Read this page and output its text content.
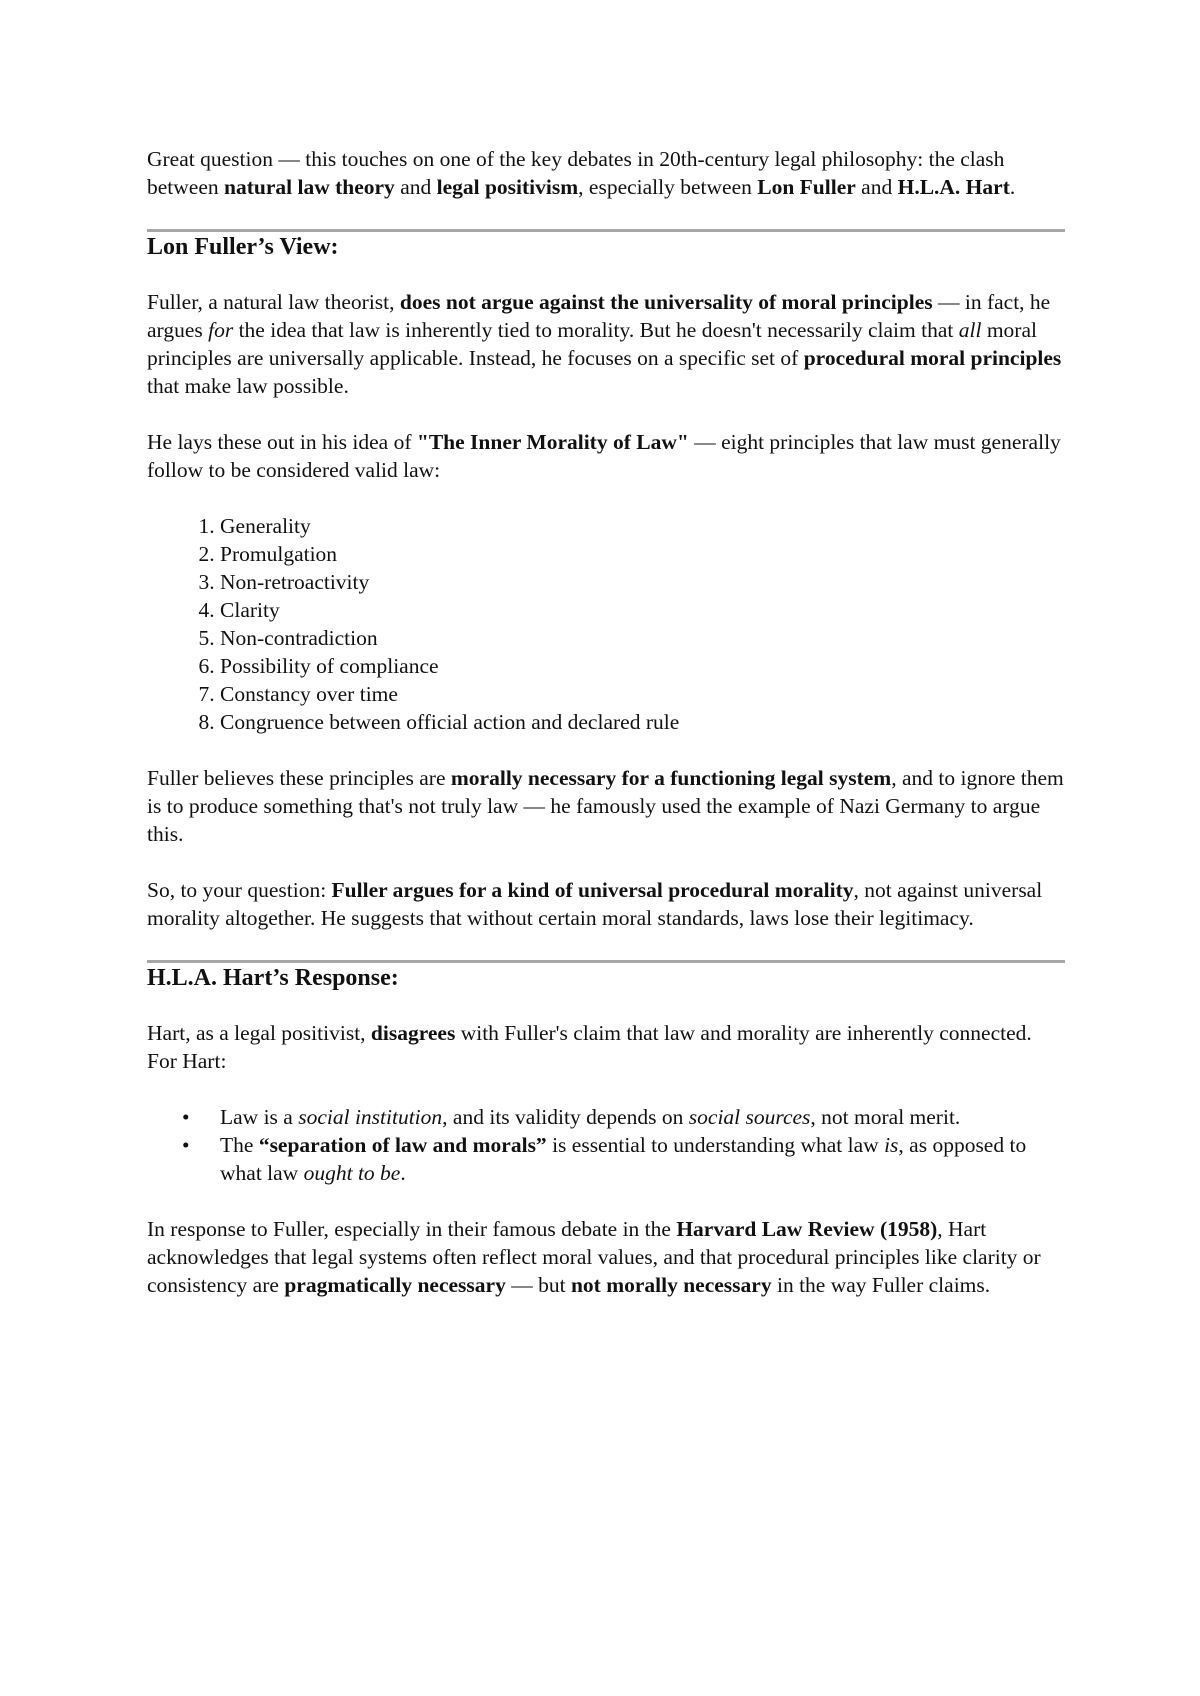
Great question — this touches on one of the key debates in 20th-century legal philosophy: the clash between natural law theory and legal positivism, especially between Lon Fuller and H.L.A. Hart.

Lon Fuller’s View:

Fuller, a natural law theorist, does not argue against the universality of moral principles — in fact, he argues for the idea that law is inherently tied to morality. But he doesn't necessarily claim that all moral principles are universally applicable. Instead, he focuses on a specific set of procedural moral principles that make law possible.

He lays these out in his idea of "The Inner Morality of Law" — eight principles that law must generally follow to be considered valid law:

1. Generality
2. Promulgation
3. Non-retroactivity
4. Clarity
5. Non-contradiction
6. Possibility of compliance
7. Constancy over time
8. Congruence between official action and declared rule

Fuller believes these principles are morally necessary for a functioning legal system, and to ignore them is to produce something that's not truly law — he famously used the example of Nazi Germany to argue this.

So, to your question: Fuller argues for a kind of universal procedural morality, not against universal morality altogether. He suggests that without certain moral standards, laws lose their legitimacy.

H.L.A. Hart’s Response:

Hart, as a legal positivist, disagrees with Fuller's claim that law and morality are inherently connected. For Hart:

• Law is a social institution, and its validity depends on social sources, not moral merit.
• The “separation of law and morals” is essential to understanding what law is, as opposed to what law ought to be.

In response to Fuller, especially in their famous debate in the Harvard Law Review (1958), Hart acknowledges that legal systems often reflect moral values, and that procedural principles like clarity or consistency are pragmatically necessary — but not morally necessary in the way Fuller claims.
